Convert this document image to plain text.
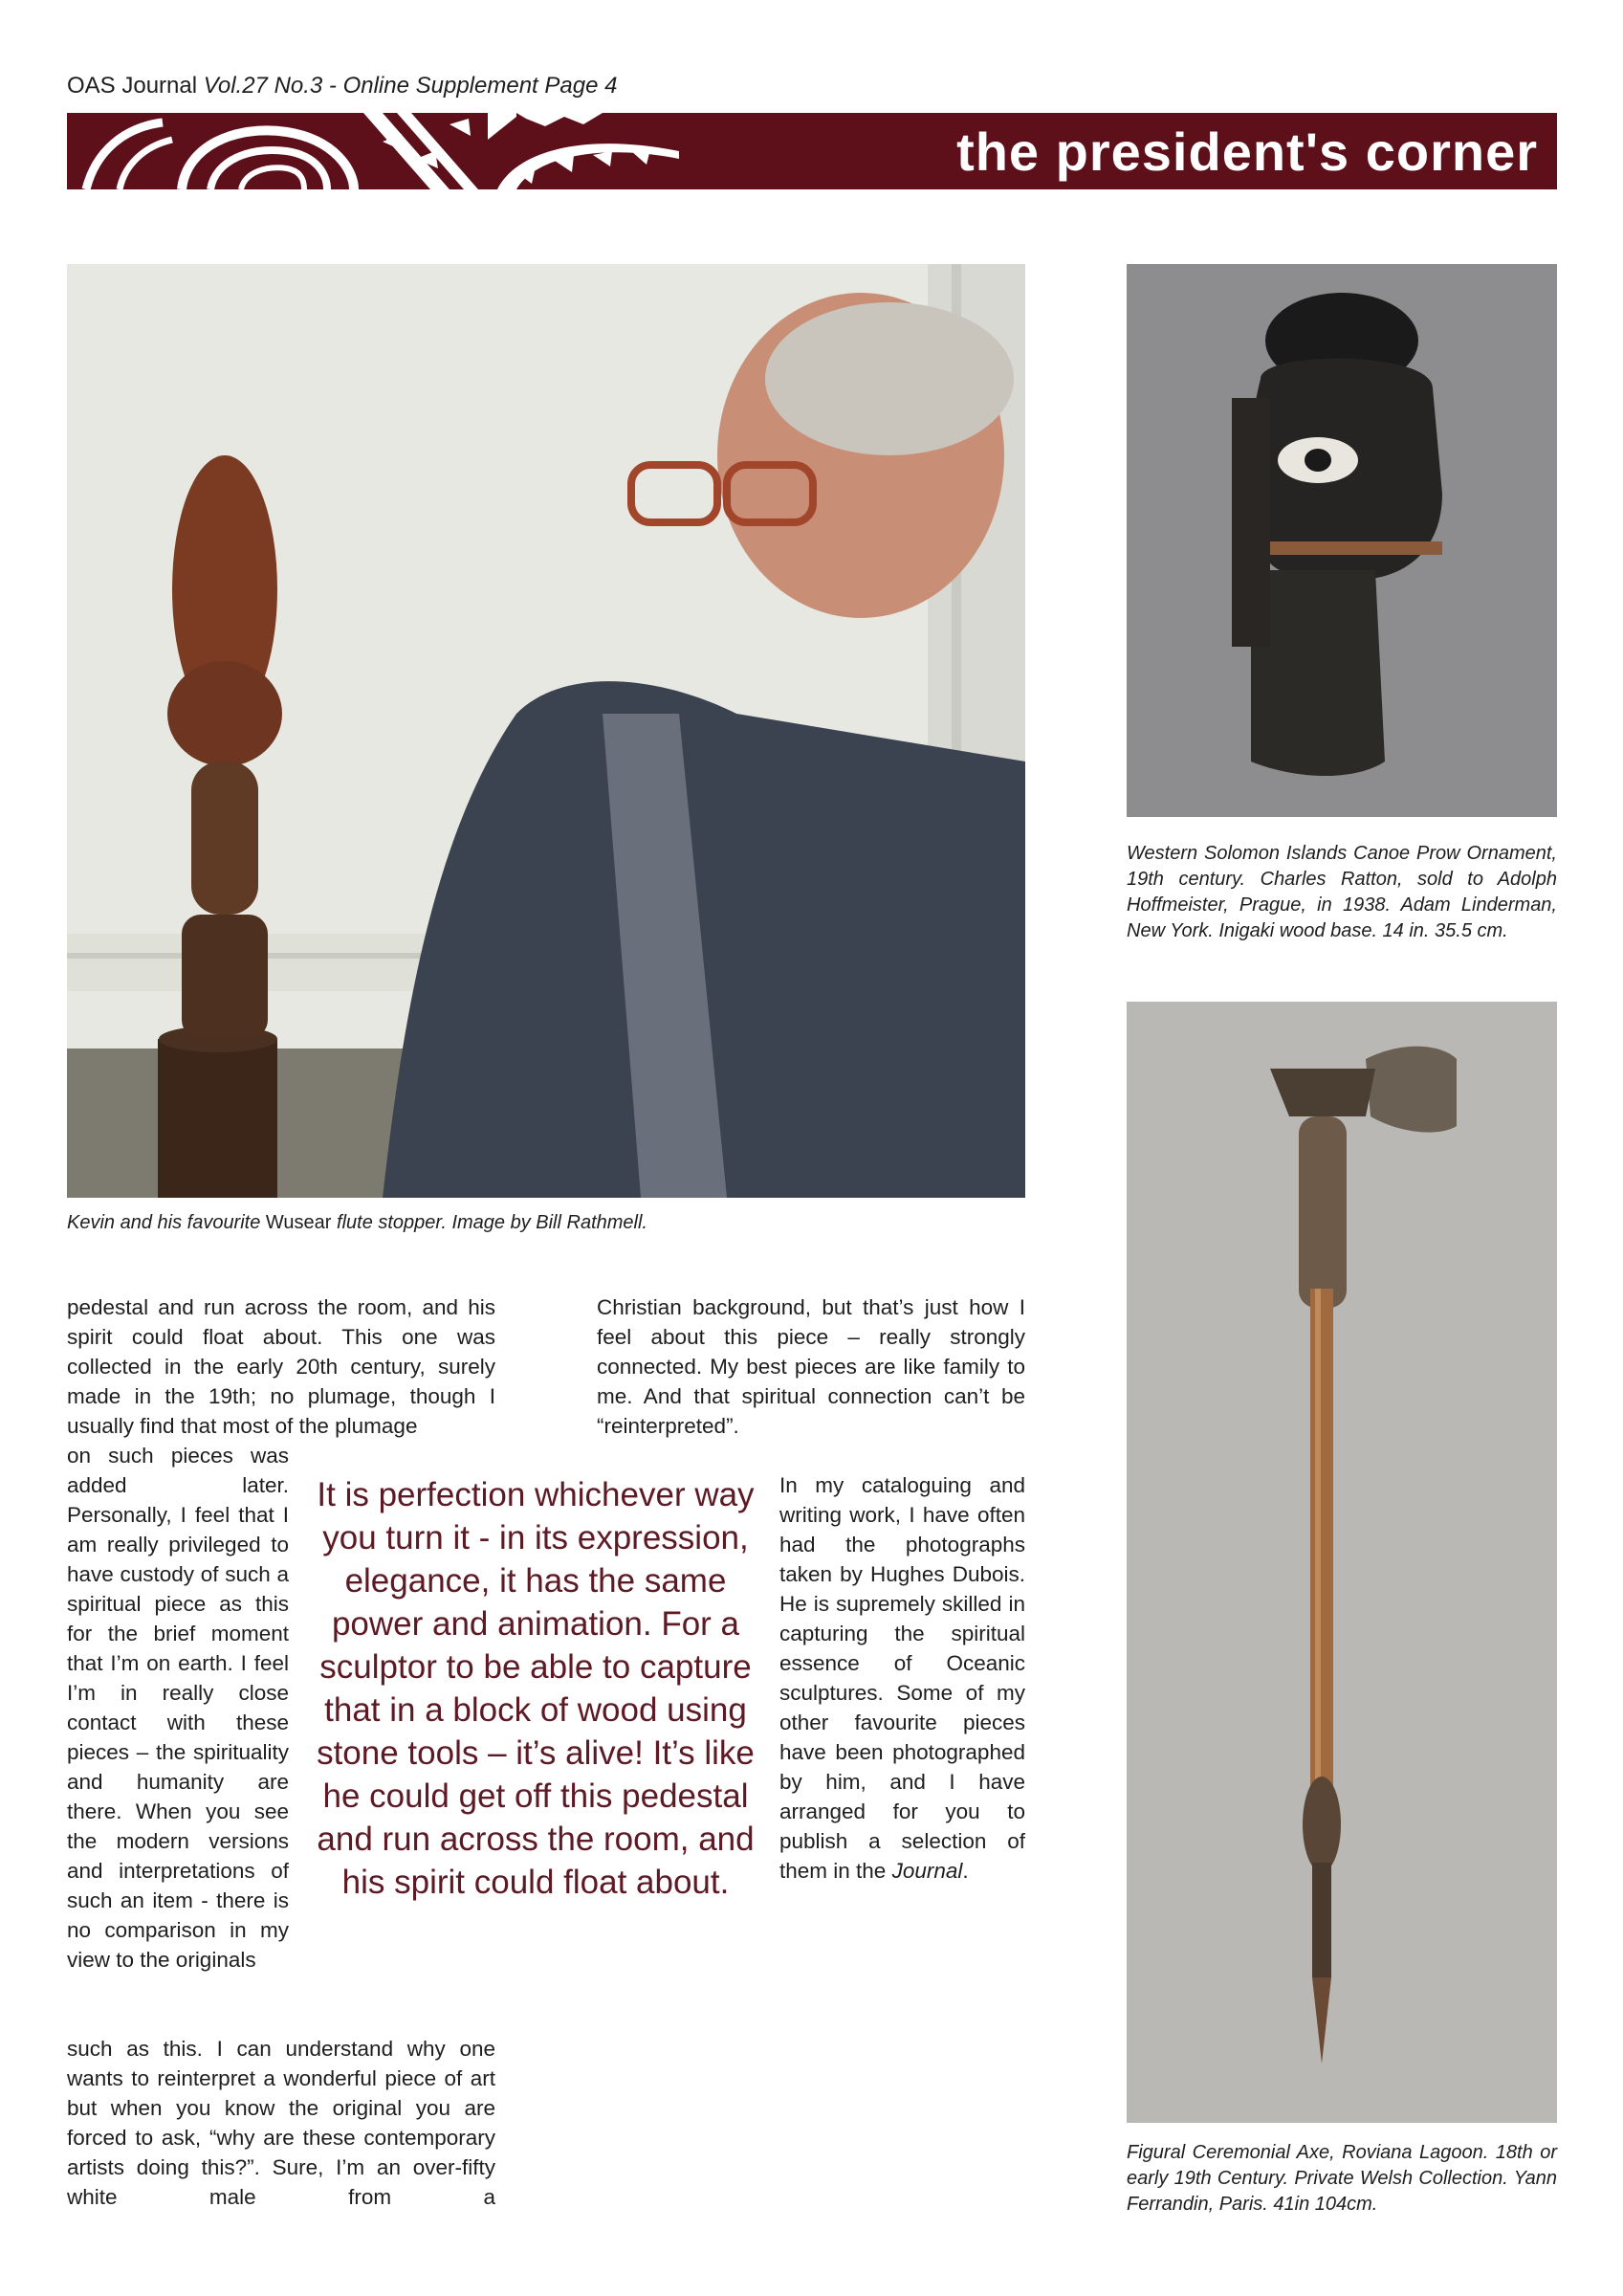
OAS Journal Vol.27 No.3 - Online Supplement Page 4
the president's corner
Kevin and his favourite Wusear flute stopper. Image by Bill Rathmell.
Western Solomon Islands Canoe Prow Ornament, 19th century. Charles Ratton, sold to Adolph Hoffmeister, Prague, in 1938. Adam Linderman, New York. Inigaki wood base. 14 in. 35.5 cm.
Figural Ceremonial Axe, Roviana Lagoon. 18th or early 19th Century. Private Welsh Collection. Yann Ferrandin, Paris. 41in 104cm.
pedestal and run across the room, and his spirit could float about. This one was collected in the early 20th century, surely made in the 19th; no plumage, though I usually find that most of the plumage
on such pieces was added later. Personally, I feel that I am really privileged to have custody of such a spiritual piece as this for the brief moment that I’m on earth. I feel I’m in really close contact with these pieces – the spirituality and humanity are there. When you see the modern versions and interpretations of such an item - there is no comparison in my view to the originals
such as this. I can understand why one wants to reinterpret a wonderful piece of art but when you know the original you are forced to ask, “why are these contemporary artists doing this?”. Sure, I’m an over-fifty white male from a
Christian background, but that’s just how I feel about this piece – really strongly connected. My best pieces are like family to me. And that spiritual connection can’t be “reinterpreted”.
In my cataloguing and writing work, I have often had the photographs taken by Hughes Dubois. He is supremely skilled in capturing the spiritual essence of Oceanic sculptures. Some of my other favourite pieces have been photographed by him, and I have arranged for you to publish a selection of them in the Journal.
It is perfection whichever way you turn it - in its expression, elegance, it has the same power and animation. For a sculptor to be able to capture that in a block of wood using stone tools – it’s alive! It’s like he could get off this pedestal and run across the room, and his spirit could float about.
